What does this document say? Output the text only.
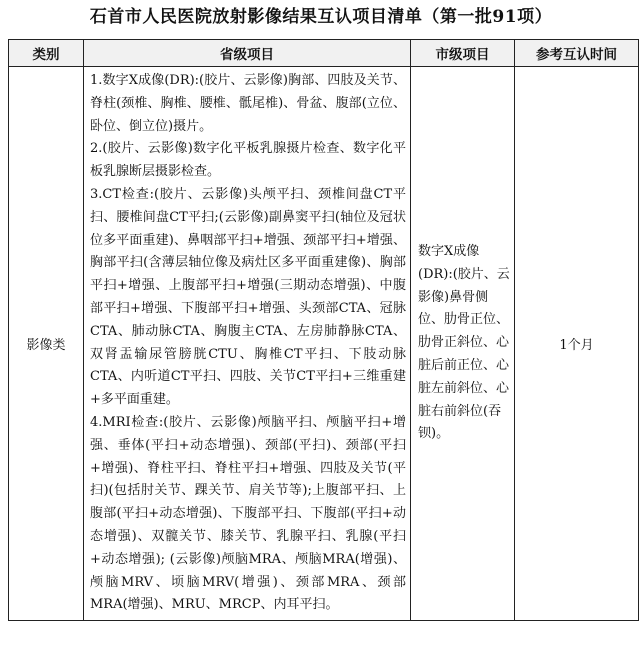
石首市人民医院放射影像结果互认项目清单（第一批91项）
类别	省级项目	市级项目	参考互认时间
影像类	1.数字X成像(DR):(胶片、云影像)胸部、四肢及关节、脊柱(颈椎、胸椎、腰椎、骶尾椎)、骨盆、腹部(立位、卧位、倒立位)摄片。

2.(胶片、云影像)数字化平板乳腺摄片检查、数字化平板乳腺断层摄影检查。

3.CT检查:(胶片、云影像)头颅平扫、颈椎间盘CT平扫、腰椎间盘CT平扫;(云影像)副鼻窦平扫(轴位及冠状位多平面重建)、鼻咽部平扫+增强、颈部平扫+增强、胸部平扫(含薄层轴位像及病灶区多平面重建像)、胸部平扫+增强、上腹部平扫+增强(三期动态增强)、中腹部平扫+增强、下腹部平扫+增强、头颈部CTA、冠脉CTA、肺动脉CTA、胸腹主CTA、左房肺静脉CTA、双肾盂输尿管膀胱CTU、胸椎CT平扫、下肢动脉 CTA、内听道CT平扫、四肢、关节CT平扫+三维重建+多平面重建。

4.MRI检查:(胶片、云影像)颅脑平扫、颅脑平扫+增强、垂体(平扫+动态增强)、颈部(平扫)、颈部(平扫+增强)、脊柱平扫、脊柱平扫+增强、四肢及关节(平扫)(包括肘关节、踝关节、肩关节等);上腹部平扫、上腹部(平扫+动态增强)、下腹部平扫、下腹部(平扫+动态增强)、双髋关节、膝关节、乳腺平扫、乳腺(平扫+动态增强); (云影像)颅脑MRA、颅脑MRA(增强)、颅脑MRV、顷脑MRV(增强)、颈部MRA、颈部MRA(增强)、MRU、MRCP、内耳平扫。	数字X成像(DR):(胶片、云影像)鼻骨侧位、肋骨正位、肋骨正斜位、心脏后前正位、心脏左前斜位、心脏右前斜位(吞钡)。	1个月
